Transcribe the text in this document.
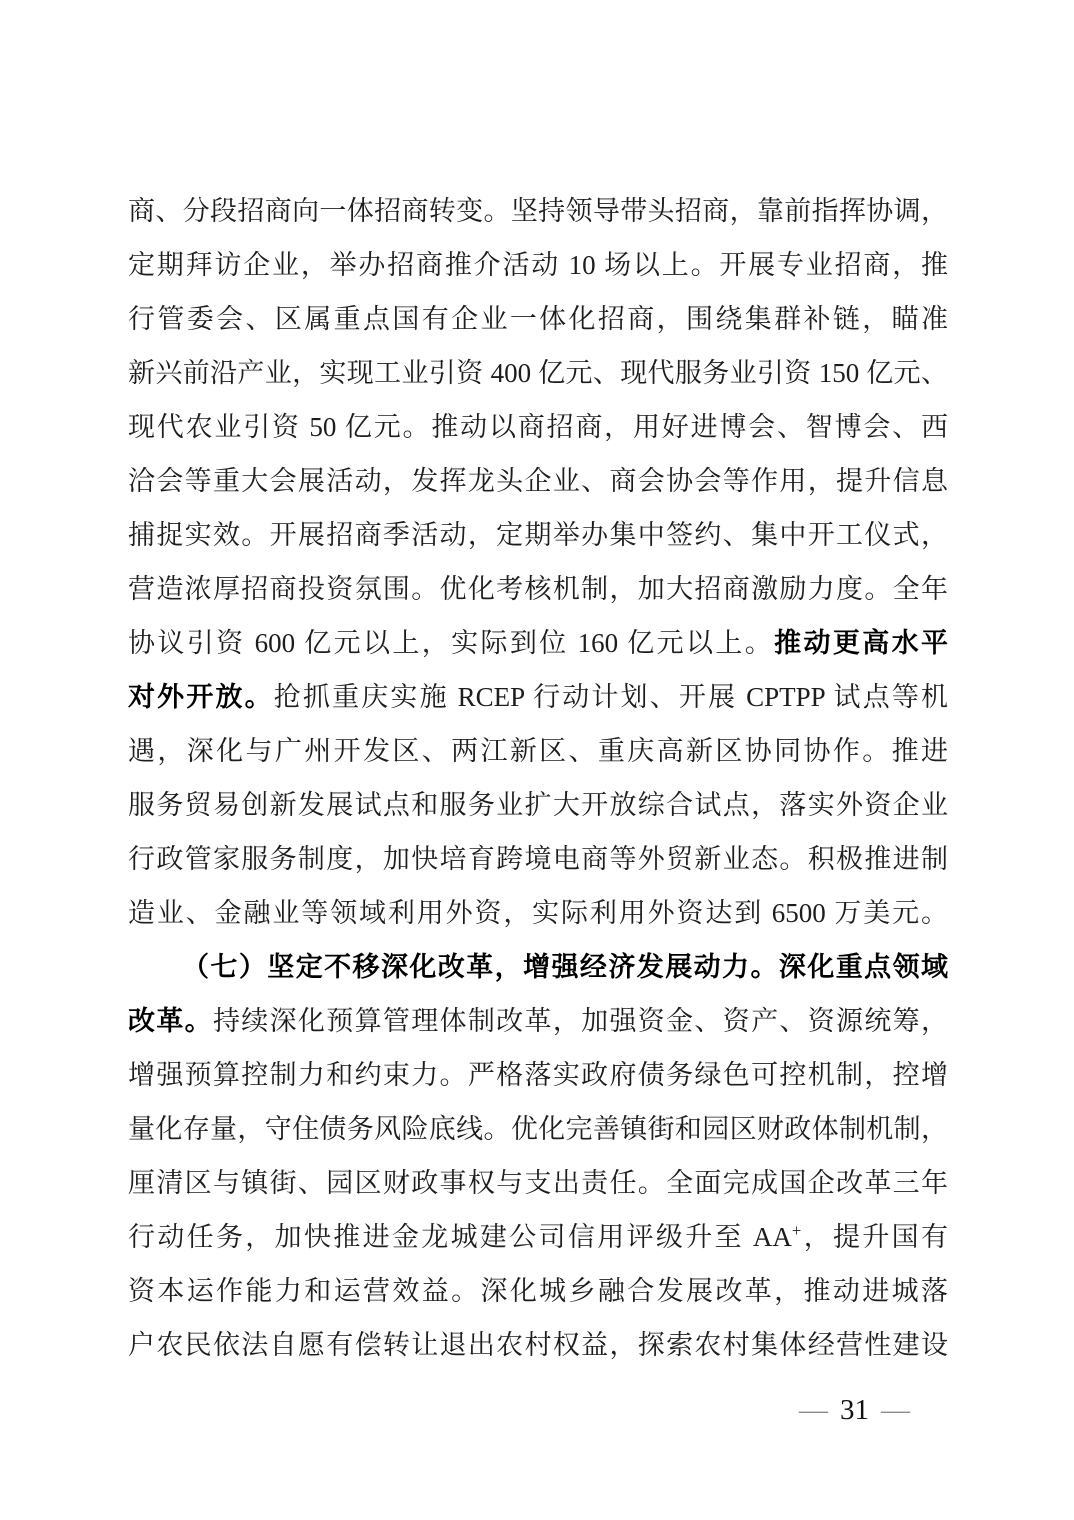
商、分段招商向一体招商转变。坚持领导带头招商，靠前指挥协调，
定期拜访企业，举办招商推介活动 10 场以上。开展专业招商，推
行管委会、区属重点国有企业一体化招商，围绕集群补链，瞄准
新兴前沿产业，实现工业引资 400 亿元、现代服务业引资 150 亿元、
现代农业引资 50 亿元。推动以商招商，用好进博会、智博会、西
洽会等重大会展活动，发挥龙头企业、商会协会等作用，提升信息
捕捉实效。开展招商季活动，定期举办集中签约、集中开工仪式，
营造浓厚招商投资氛围。优化考核机制，加大招商激励力度。全年
协议引资 600 亿元以上，实际到位 160 亿元以上。推动更高水平
对外开放。抢抓重庆实施 RCEP 行动计划、开展 CPTPP 试点等机
遇，深化与广州开发区、两江新区、重庆高新区协同协作。推进
服务贸易创新发展试点和服务业扩大开放综合试点，落实外资企业
行政管家服务制度，加快培育跨境电商等外贸新业态。积极推进制
造业、金融业等领域利用外资，实际利用外资达到 6500 万美元。
（七）坚定不移深化改革，增强经济发展动力。深化重点领域
改革。持续深化预算管理体制改革，加强资金、资产、资源统筹，
增强预算控制力和约束力。严格落实政府债务绿色可控机制，控增
量化存量，守住债务风险底线。优化完善镇街和园区财政体制机制，
厘清区与镇街、园区财政事权与支出责任。全面完成国企改革三年
行动任务，加快推进金龙城建公司信用评级升至 AA+，提升国有
资本运作能力和运营效益。深化城乡融合发展改革，推动进城落
户农民依法自愿有偿转让退出农村权益，探索农村集体经营性建设
— 31 —
